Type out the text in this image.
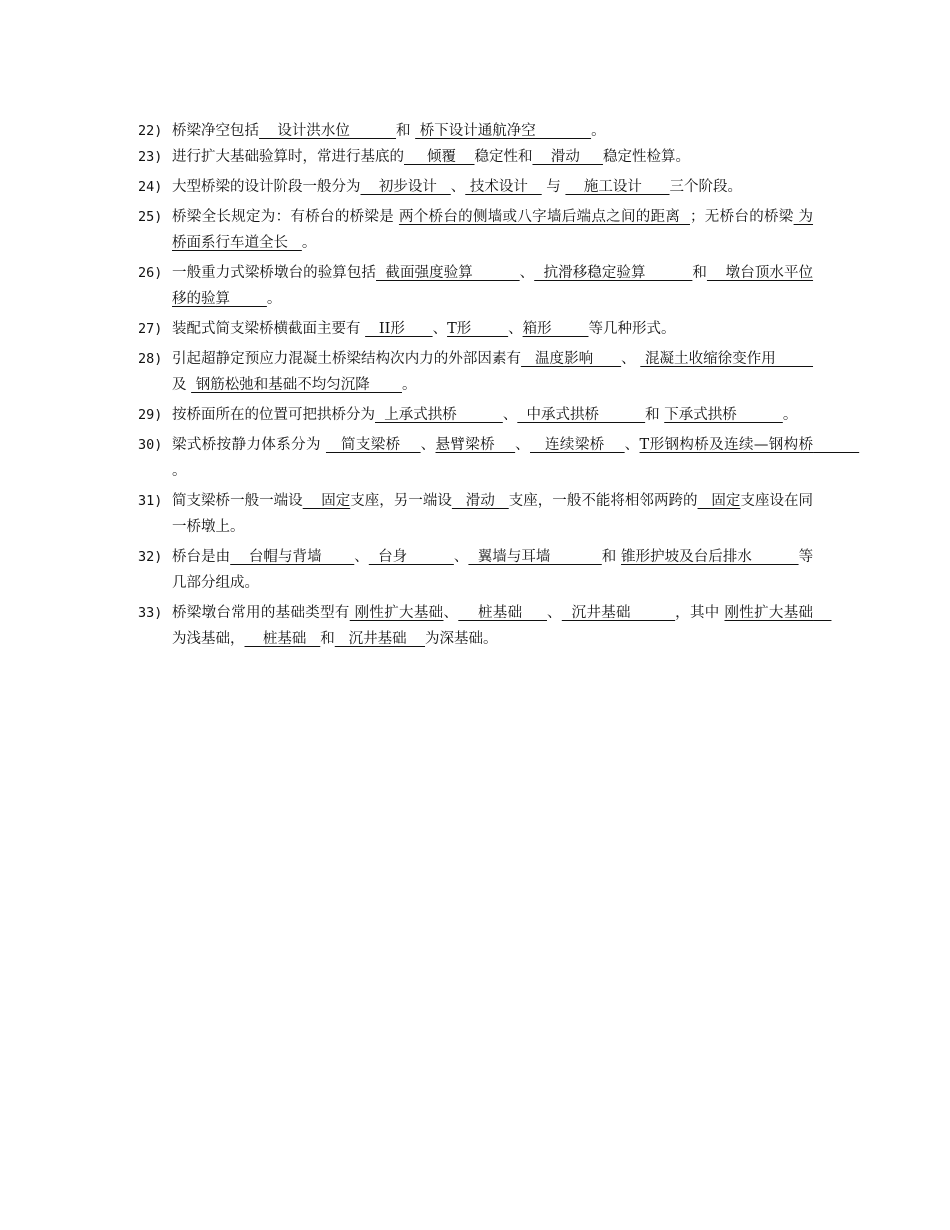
22) 桥梁净空包括    设计洪水位          和  桥下设计通航净空            。
23) 进行扩大基础验算时，常进行基底的     倾覆    稳定性和    滑动     稳定性检算。
24) 大型桥梁的设计阶段一般分为    初步设计   、 技术设计    与     施工设计      三个阶段。
25) 桥梁全长规定为：有桥台的桥梁是 两个桥台的侧墙或八字墙后端点之间的距离  ；无桥台的桥梁 为桥面系行车道全长   。
26) 一般重力式梁桥墩台的验算包括  截面强度验算          、  抗滑移稳定验算          和    墩台顶水平位移的验算        。
27) 装配式简支梁桥横截面主要有    II形      、T形        、箱形        等几种形式。
28) 引起超静定预应力混凝土桥梁结构次内力的外部因素有   温度影响      、  混凝土收缩徐变作用         及  钢筋松弛和基础不均匀沉降       。
29) 按桥面所在的位置可把拱桥分为  上承式拱桥          、  中承式拱桥          和 下承式拱桥          。
30) 梁式桥按静力体系分为    简支梁桥    、悬臂梁桥    、   连续梁桥    、T形钢构桥及连续—钢构桥           。
31) 简支梁桥一般一端设    固定支座，另一端设   滑动   支座，一般不能将相邻两跨的   固定支座设在同一桥墩上。
32) 桥台是由    台帽与背墙       、  台身          、  翼墙与耳墙           和 锥形护坡及台后排水          等几部分组成。
33) 桥梁墩台常用的基础类型有 刚性扩大基础、    桩基础     、  沉井基础         ，其中 刚性扩大基础    为浅基础，    桩基础   和   沉井基础    为深基础。
